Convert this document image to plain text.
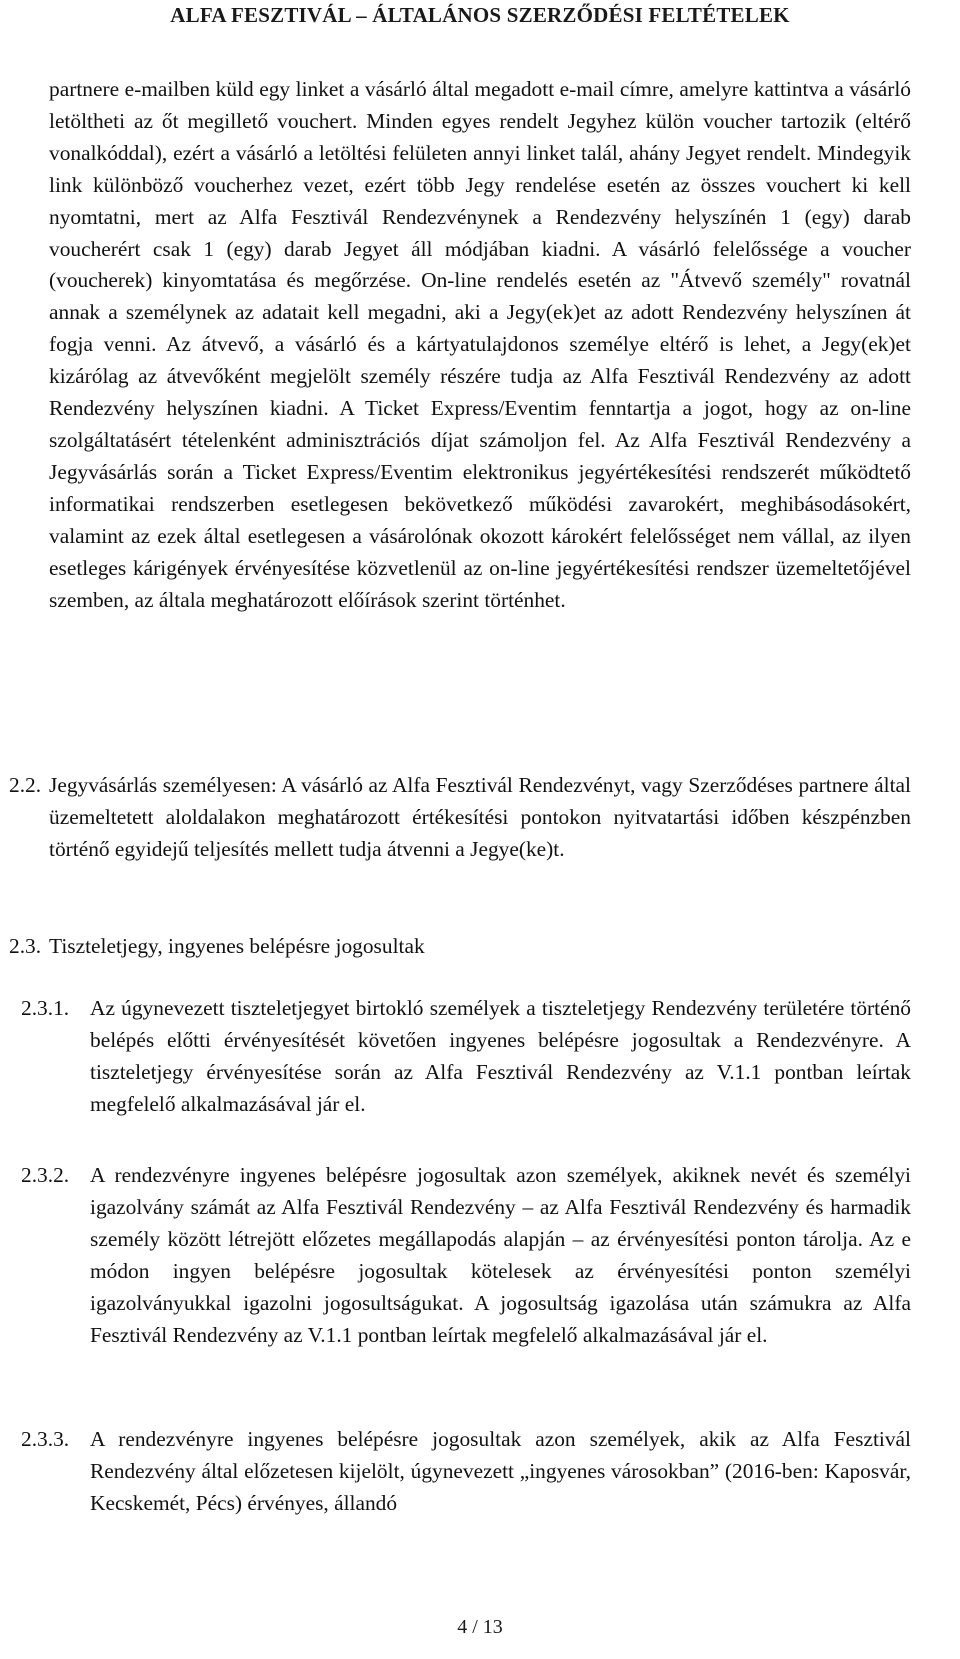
ALFA FESZTIVÁL – ÁLTALÁNOS SZERZŐDÉSI FELTÉTELEK

partnere e-mailben küld egy linket a vásárló által megadott e-mail címre, amelyre kattintva a vásárló letöltheti az őt megillető vouchert. Minden egyes rendelt Jegyhez külön voucher tartozik (eltérő vonalkóddal), ezért a vásárló a letöltési felületen annyi linket talál, ahány Jegyet rendelt. Mindegyik link különböző voucherhez vezet, ezért több Jegy rendelése esetén az összes vouchert ki kell nyomtatni, mert az Alfa Fesztivál Rendezvénynek a Rendezvény helyszínén 1 (egy) darab voucherért csak 1 (egy) darab Jegyet áll módjában kiadni. A vásárló felelőssége a voucher (voucherek) kinyomtatása és megőrzése. On-line rendelés esetén az "Átvevő személy" rovatnál annak a személynek az adatait kell megadni, aki a Jegy(ek)et az adott Rendezvény helyszínen át fogja venni. Az átvevő, a vásárló és a kártyatulajdonos személye eltérő is lehet, a Jegy(ek)et kizárólag az átvevőként megjelölt személy részére tudja az Alfa Fesztivál Rendezvény az adott Rendezvény helyszínen kiadni. A Ticket Express/Eventim fenntartja a jogot, hogy az on-line szolgáltatásért tételenként adminisztrációs díjat számoljon fel. Az Alfa Fesztivál Rendezvény a Jegyvásárlás során a Ticket Express/Eventim elektronikus jegyértékesítési rendszerét működtető informatikai rendszerben esetlegesen bekövetkező működési zavarokért, meghibásodásokért, valamint az ezek által esetlegesen a vásárolónak okozott károkért felelősséget nem vállal, az ilyen esetleges kárigények érvényesítése közvetlenül az on-line jegyértékesítési rendszer üzemeltetőjével szemben, az általa meghatározott előírások szerint történhet.

2.2. Jegyvásárlás személyesen: A vásárló az Alfa Fesztivál Rendezvényt, vagy Szerződéses partnere által üzemeltetett aloldalakon meghatározott értékesítési pontokon nyitvatartási időben készpénzben történő egyidejű teljesítés mellett tudja átvenni a Jegye(ke)t.

2.3. Tiszteletjegy, ingyenes belépésre jogosultak
2.3.1. Az úgynevezett tiszteletjegyet birtokló személyek a tiszteletjegy Rendezvény területére történő belépés előtti érvényesítését követően ingyenes belépésre jogosultak a Rendezvényre. A tiszteletjegy érvényesítése során az Alfa Fesztivál Rendezvény az V.1.1 pontban leírtak megfelelő alkalmazásával jár el.

2.3.2. A rendezvényre ingyenes belépésre jogosultak azon személyek, akiknek nevét és személyi igazolvány számát az Alfa Fesztivál Rendezvény – az Alfa Fesztivál Rendezvény és harmadik személy között létrejött előzetes megállapodás alapján – az érvényesítési ponton tárolja. Az e módon ingyen belépésre jogosultak kötelesek az érvényesítési ponton személyi igazolványukkal igazolni jogosultságukat. A jogosultság igazolása után számukra az Alfa Fesztivál Rendezvény az V.1.1 pontban leírtak megfelelő alkalmazásával jár el.

2.3.3. A rendezvényre ingyenes belépésre jogosultak azon személyek, akik az Alfa Fesztivál Rendezvény által előzetesen kijelölt, úgynevezett „ingyenes városokban” (2016-ben: Kaposvár, Kecskemét, Pécs) érvényes, állandó

4 / 13
